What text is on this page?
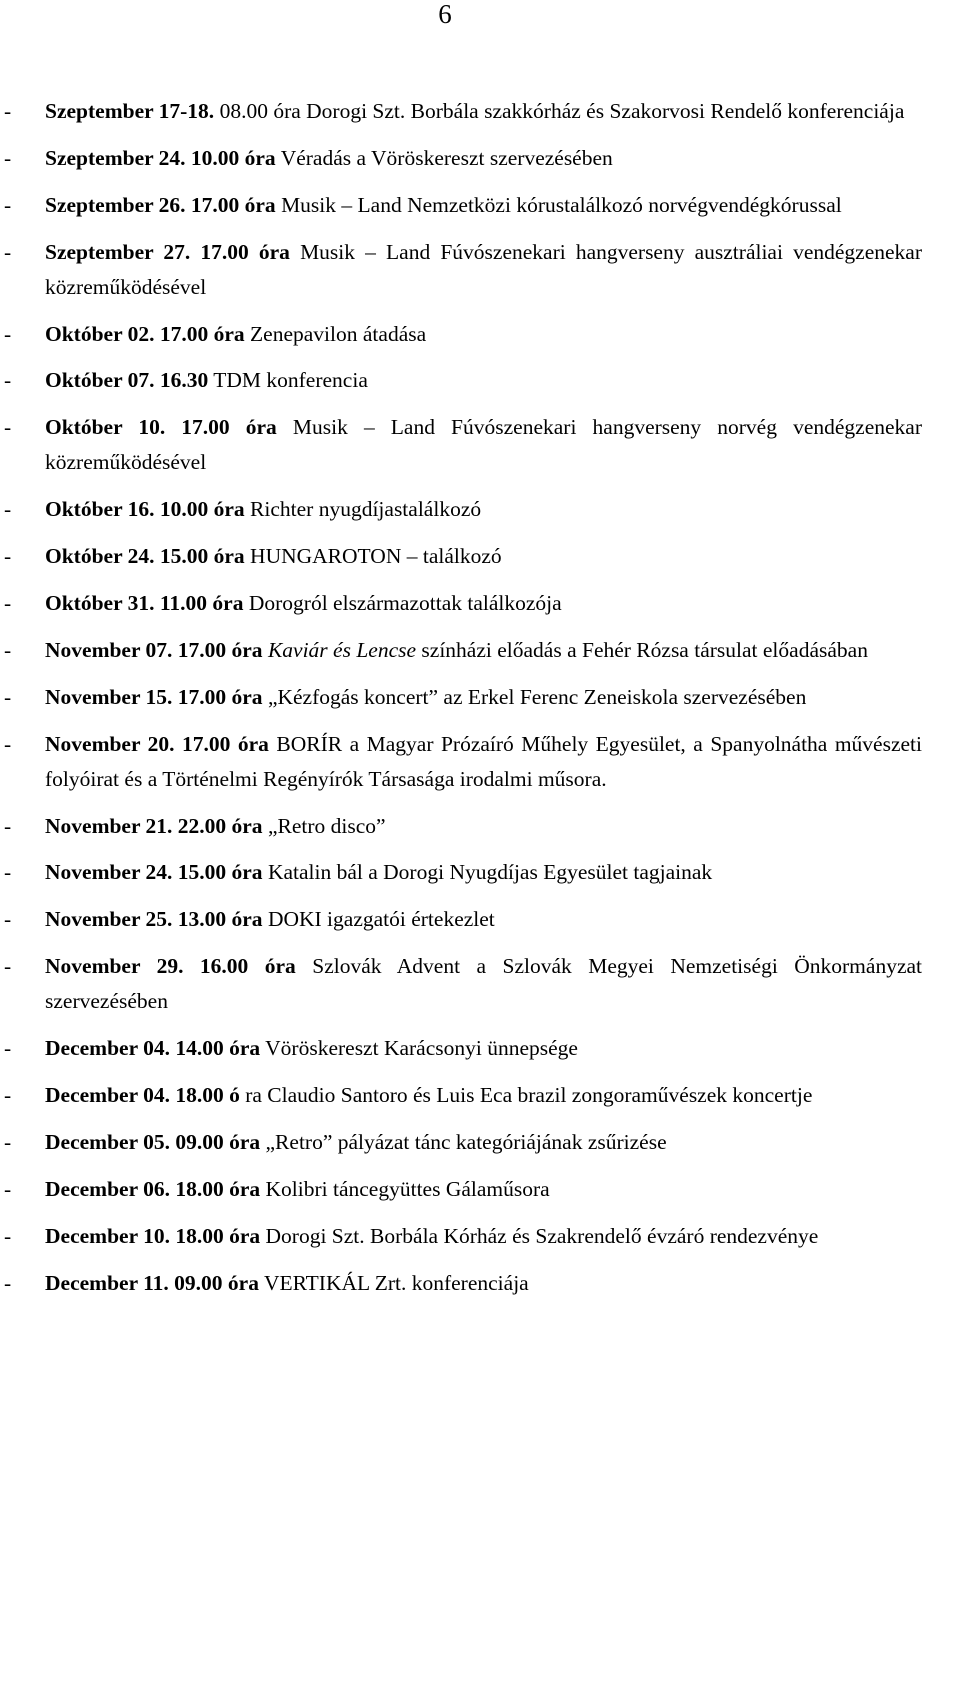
6
- Szeptember 17-18. 08.00 óra Dorogi Szt. Borbála szakkórház és Szakorvosi Rendelő konferenciája
- Szeptember 24. 10.00 óra Véradás a Vöröskereszt szervezésében
- Szeptember 26. 17.00 óra Musik – Land Nemzetközi kórustalálkozó norvégvendégkórussal
- Szeptember 27. 17.00 óra Musik – Land Fúvószenekari hangverseny ausztráliai vendégzenekar közreműködésével
- Október 02. 17.00 óra Zenepavilon átadása
- Október 07. 16.30 TDM konferencia
- Október 10. 17.00 óra Musik – Land Fúvószenekari hangverseny norvég vendégzenekar közreműködésével
- Október 16. 10.00 óra Richter nyugdíjastalálkozó
- Október 24. 15.00 óra HUNGAROTON – találkozó
- Október 31. 11.00 óra Dorogról elszármazottak találkozója
- November 07. 17.00 óra Kaviár és Lencse színházi előadás a Fehér Rózsa társulat előadásában
- November 15. 17.00 óra „Kézfogás koncert” az Erkel Ferenc Zeneiskola szervezésében
- November 20. 17.00 óra BORÍR a Magyar Prózaíró Műhely Egyesület, a Spanyolnátha művészeti folyóirat és a Történelmi Regényírók Társasága irodalmi műsora.
- November 21. 22.00 óra „Retro disco”
- November 24. 15.00 óra Katalin bál a Dorogi Nyugdíjas Egyesület tagjainak
- November 25. 13.00 óra DOKI igazgatói értekezlet
- November 29. 16.00 óra Szlovák Advent a Szlovák Megyei Nemzetiségi Önkormányzat szervezésében
- December 04. 14.00 óra Vöröskereszt Karácsonyi ünnepsége
- December 04. 18.00 ó ra Claudio Santoro és Luis Eca brazil zongoraművészek koncertje
- December 05. 09.00 óra „Retro” pályázat tánc kategóriájának zsűrizése
- December 06. 18.00 óra Kolibri táncegyüttes Gálaműsora
- December 10. 18.00 óra Dorogi Szt. Borbála Kórház és Szakrendelő évzáró rendezvénye
- December 11. 09.00 óra VERTIKÁL Zrt. konferenciája
